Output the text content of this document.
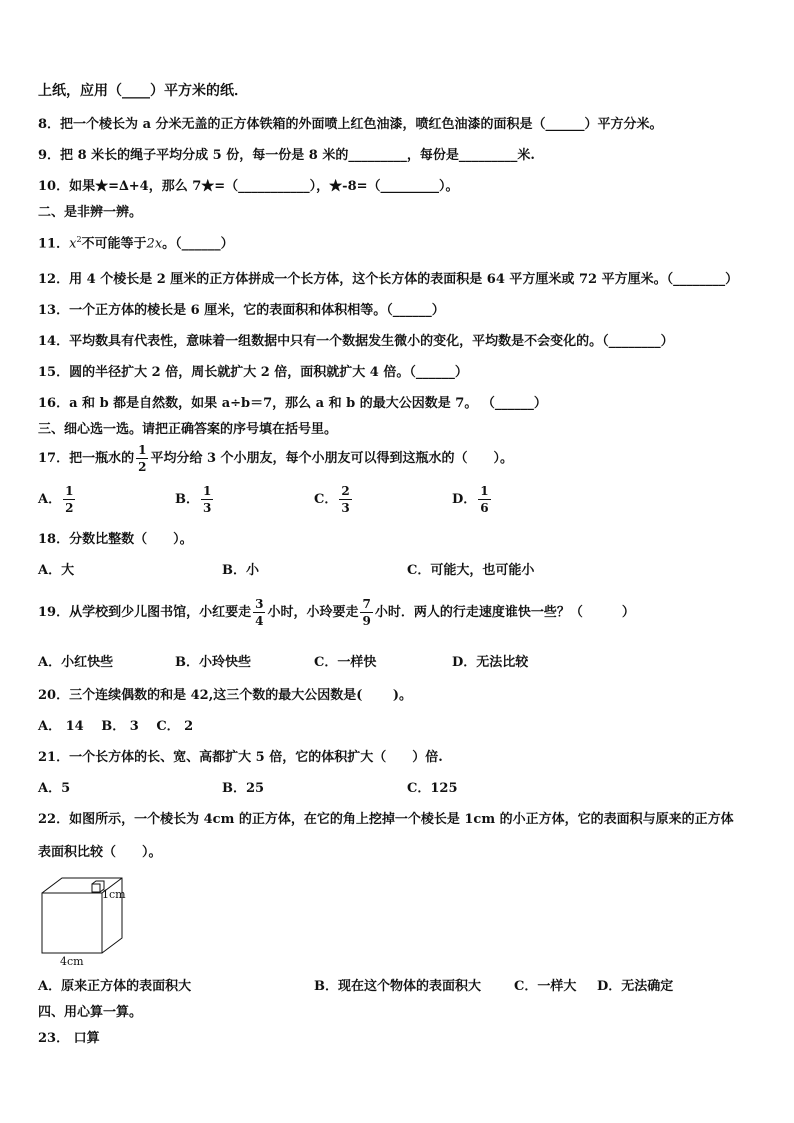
上纸，应用（____）平方米的纸．
8．把一个棱长为 a 分米无盖的正方体铁箱的外面喷上红色油漆，喷红色油漆的面积是（______）平方分米。
9．把 8 米长的绳子平均分成 5 份，每一份是 8 米的_________，每份是_________米.
10．如果★=∆+4，那么 7★=（___________），★-8=（_________）。
二、是非辨一辨。
11．$x^2$不可能等于2x。（______）
12．用 4 个棱长是 2 厘米的正方体拼成一个长方体，这个长方体的表面积是 64 平方厘米或 72 平方厘米。（________）
13．一个正方体的棱长是 6 厘米，它的表面积和体积相等。（______）
14．平均数具有代表性，意味着一组数据中只有一个数据发生微小的变化，平均数是不会变化的。（________）
15．圆的半径扩大 2 倍，周长就扩大 2 倍，面积就扩大 4 倍。（______）
16．a 和 b 都是自然数，如果 a÷b＝7，那么 a 和 b 的最大公因数是 7。 （______）
三、细心选一选。请把正确答案的序号填在括号里。
17．把一瓶水的 $\frac{1}{2}$ 平均分给 3 个小朋友，每个小朋友可以得到这瓶水的（　　）。
A． $\frac{1}{2}$	B． $\frac{1}{3}$	C． $\frac{2}{3}$	D． $\frac{1}{6}$
18．分数比整数（　　）。
A．大	B．小	C．可能大，也可能小
19．从学校到少儿图书馆，小红要走 $\frac{3}{4}$ 小时，小玲要走 $\frac{7}{9}$ 小时．两人的行走速度谁快一些？（　　　）
A．小红快些	B．小玲快些	C．一样快	D．无法比较
20．三个连续偶数的和是 42,这三个数的最大公因数是(　　 )。
A． 14　 B． 3　 C． 2
21．一个长方体的长、宽、高都扩大 5 倍，它的体积扩大（　　）倍.
A．5	B．25	C．125
22．如图所示，一个棱长为 4cm 的正方体，在它的角上挖掉一个棱长是 1cm 的小正方体，它的表面积与原来的正方体
表面积比较（　　）。
1cm
4cm
A．原来正方体的表面积大	B．现在这个物体的表面积大	C．一样大 D．无法确定
四、用心算一算。
23． 口算
